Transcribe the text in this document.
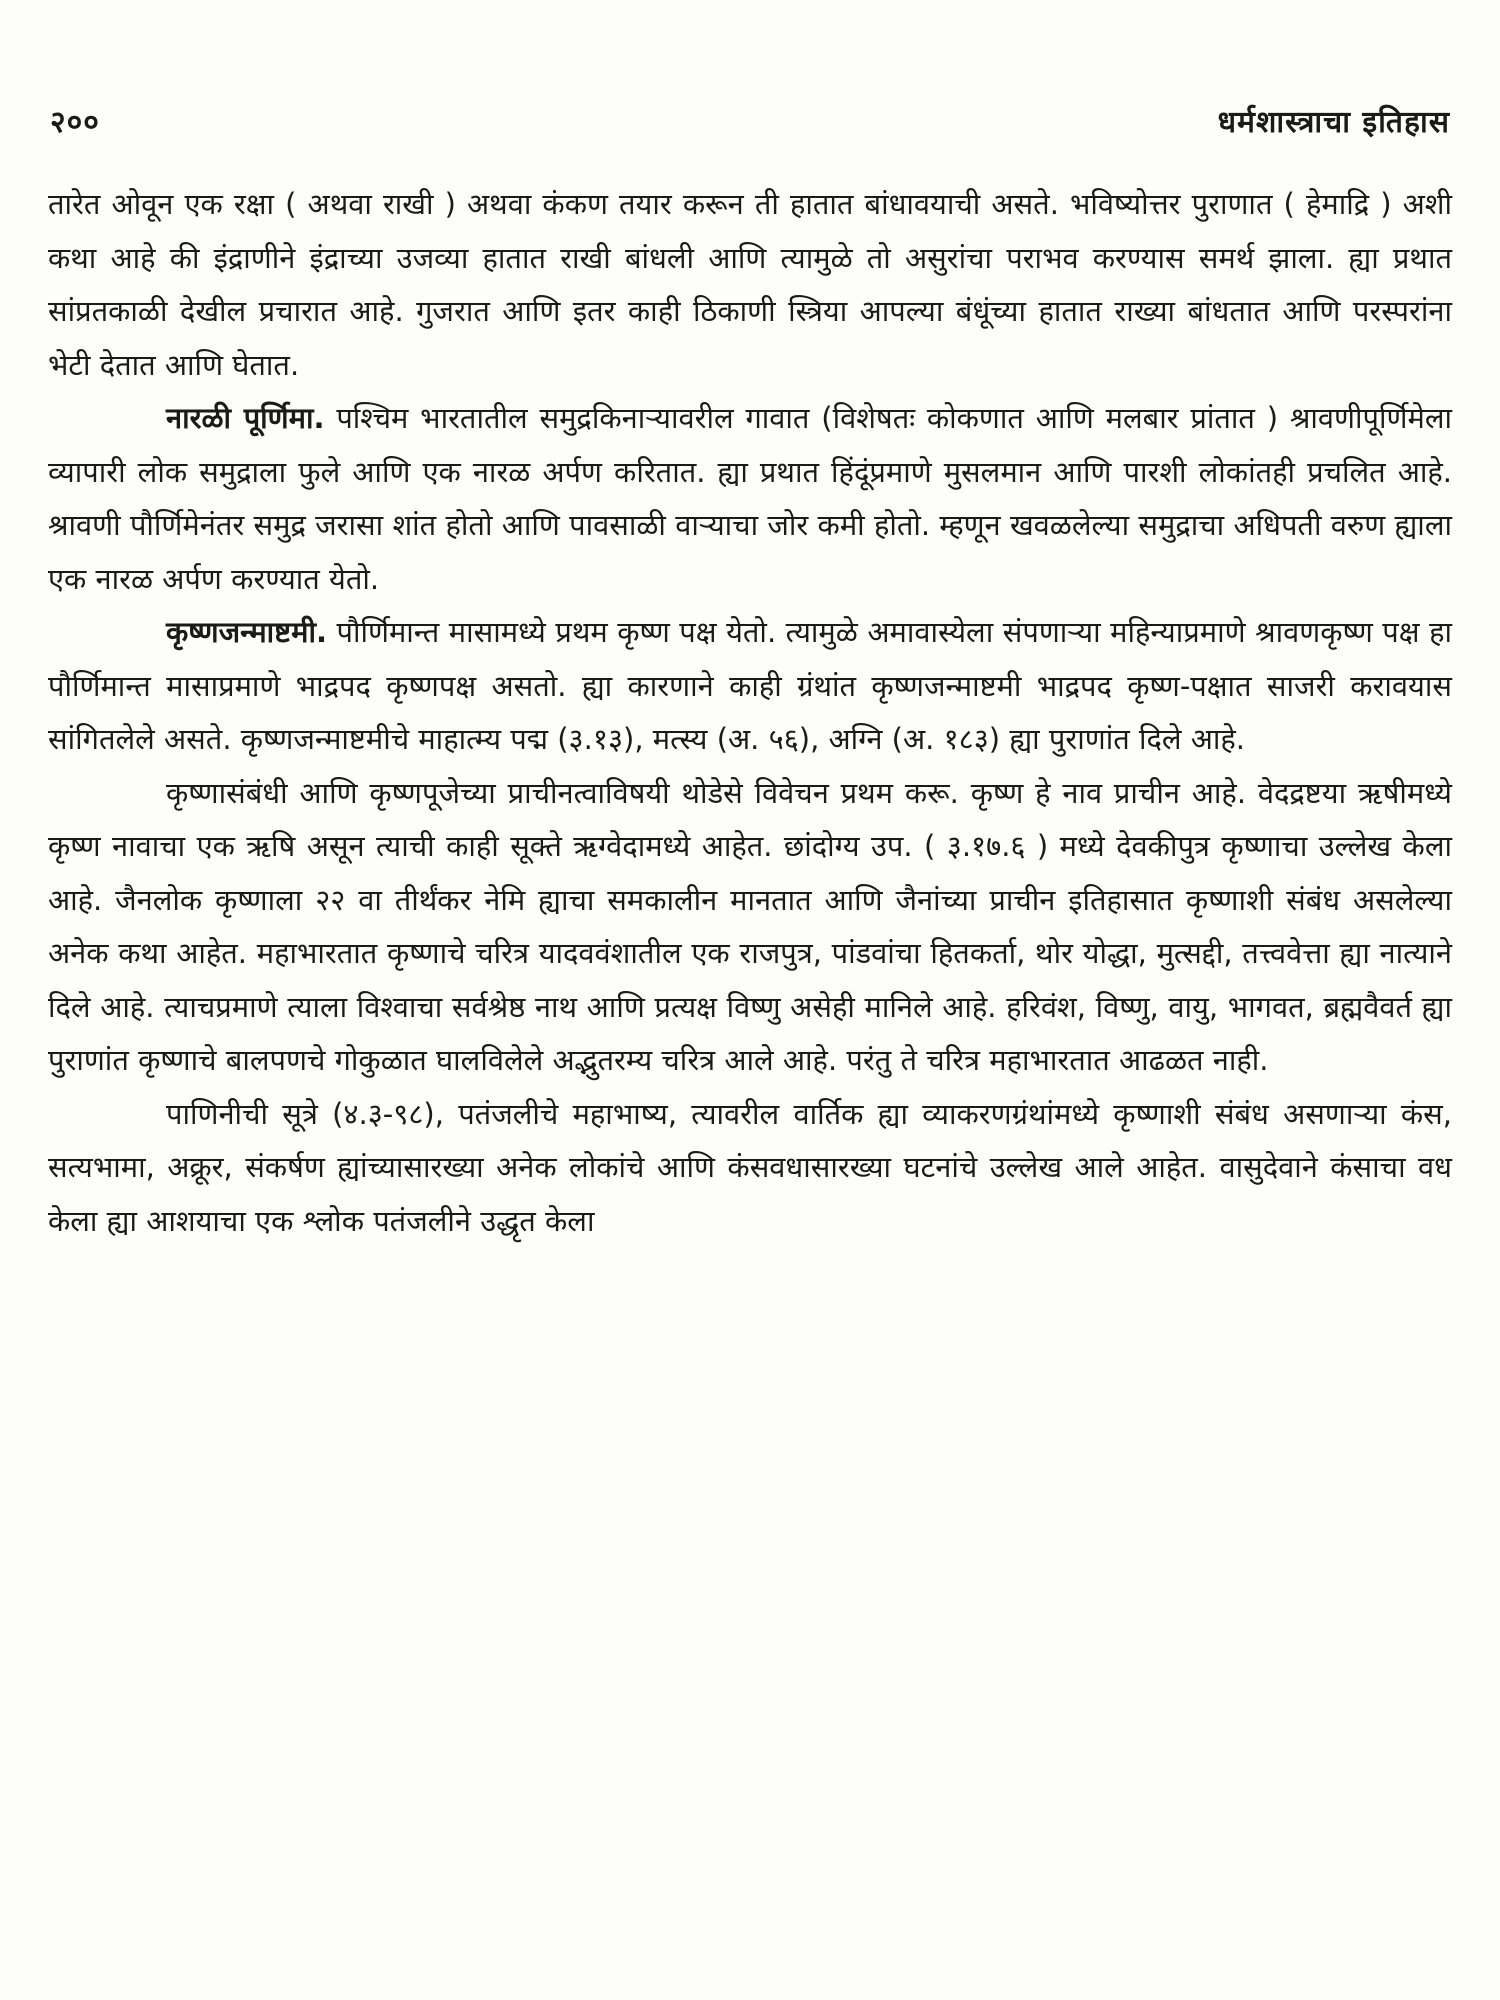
२००	धर्मशास्त्राचा इतिहास

तारेत ओवून एक रक्षा ( अथवा राखी ) अथवा कंकण तयार करून ती हातात बांधावयाची असते. भविष्योत्तर पुराणात ( हेमाद्रि ) अशी कथा आहे की इंद्राणीने इंद्राच्या उजव्या हातात राखी बांधली आणि त्यामुळे तो असुरांचा पराभव करण्यास समर्थ झाला. ह्या प्रथात सांप्रतकाळी देखील प्रचारात आहे. गुजरात आणि इतर काही ठिकाणी स्त्रिया आपल्या बंधूंच्या हातात राख्या बांधतात आणि परस्परांना भेटी देतात आणि घेतात.

नारळी पूर्णिमा. पश्चिम भारतातील समुद्रकिनाऱ्यावरील गावात (विशेषतः कोकणात आणि मलबार प्रांतात ) श्रावणीपूर्णिमेला व्यापारी लोक समुद्राला फुले आणि एक नारळ अर्पण करितात. ह्या प्रथात हिंदूंप्रमाणे मुसलमान आणि पारशी लोकांतही प्रचलित आहे. श्रावणी पौर्णिमेनंतर समुद्र जरासा शांत होतो आणि पावसाळी वाऱ्याचा जोर कमी होतो. म्हणून खवळलेल्या समुद्राचा अधिपती वरुण ह्याला एक नारळ अर्पण करण्यात येतो.

कृष्णजन्माष्टमी. पौर्णिमान्त मासामध्ये प्रथम कृष्ण पक्ष येतो. त्यामुळे अमावास्येला संपणाऱ्या महिन्याप्रमाणे श्रावणकृष्ण पक्ष हा पौर्णिमान्त मासाप्रमाणे भाद्रपद कृष्णपक्ष असतो. ह्या कारणाने काही ग्रंथांत कृष्णजन्माष्टमी भाद्रपद कृष्ण-पक्षात साजरी करावयास सांगितलेले असते. कृष्णजन्माष्टमीचे माहात्म्य पद्म (३.१३), मत्स्य (अ. ५६), अग्नि (अ. १८३) ह्या पुराणांत दिले आहे.

कृष्णासंबंधी आणि कृष्णपूजेच्या प्राचीनत्वाविषयी थोडेसे विवेचन प्रथम करू. कृष्ण हे नाव प्राचीन आहे. वेदद्रष्टया ऋषीमध्ये कृष्ण नावाचा एक ऋषि असून त्याची काही सूक्ते ऋग्वेदामध्ये आहेत. छांदोग्य उप. ( ३.१७.६ ) मध्ये देवकीपुत्र कृष्णाचा उल्लेख केला आहे. जैनलोक कृष्णाला २२ वा तीर्थंकर नेमि ह्याचा समकालीन मानतात आणि जैनांच्या प्राचीन इतिहासात कृष्णाशी संबंध असलेल्या अनेक कथा आहेत. महाभारतात कृष्णाचे चरित्र यादववंशातील एक राजपुत्र, पांडवांचा हितकर्ता, थोर योद्धा, मुत्सद्दी, तत्त्ववेत्ता ह्या नात्याने दिले आहे. त्याचप्रमाणे त्याला विश्वाचा सर्वश्रेष्ठ नाथ आणि प्रत्यक्ष विष्णु असेही मानिले आहे. हरिवंश, विष्णु, वायु, भागवत, ब्रह्मवैवर्त ह्या पुराणांत कृष्णाचे बालपणचे गोकुळात घालविलेले अद्भुतरम्य चरित्र आले आहे. परंतु ते चरित्र महाभारतात आढळत नाही.

पाणिनीची सूत्रे (४.३-९८), पतंजलीचे महाभाष्य, त्यावरील वार्तिक ह्या व्याकरणग्रंथांमध्ये कृष्णाशी संबंध असणाऱ्या कंस, सत्यभामा, अक्रूर, संकर्षण ह्यांच्यासारख्या अनेक लोकांचे आणि कंसवधासारख्या घटनांचे उल्लेख आले आहेत. वासुदेवाने कंसाचा वध केला ह्या आशयाचा एक श्लोक पतंजलीने उद्धृत केला
